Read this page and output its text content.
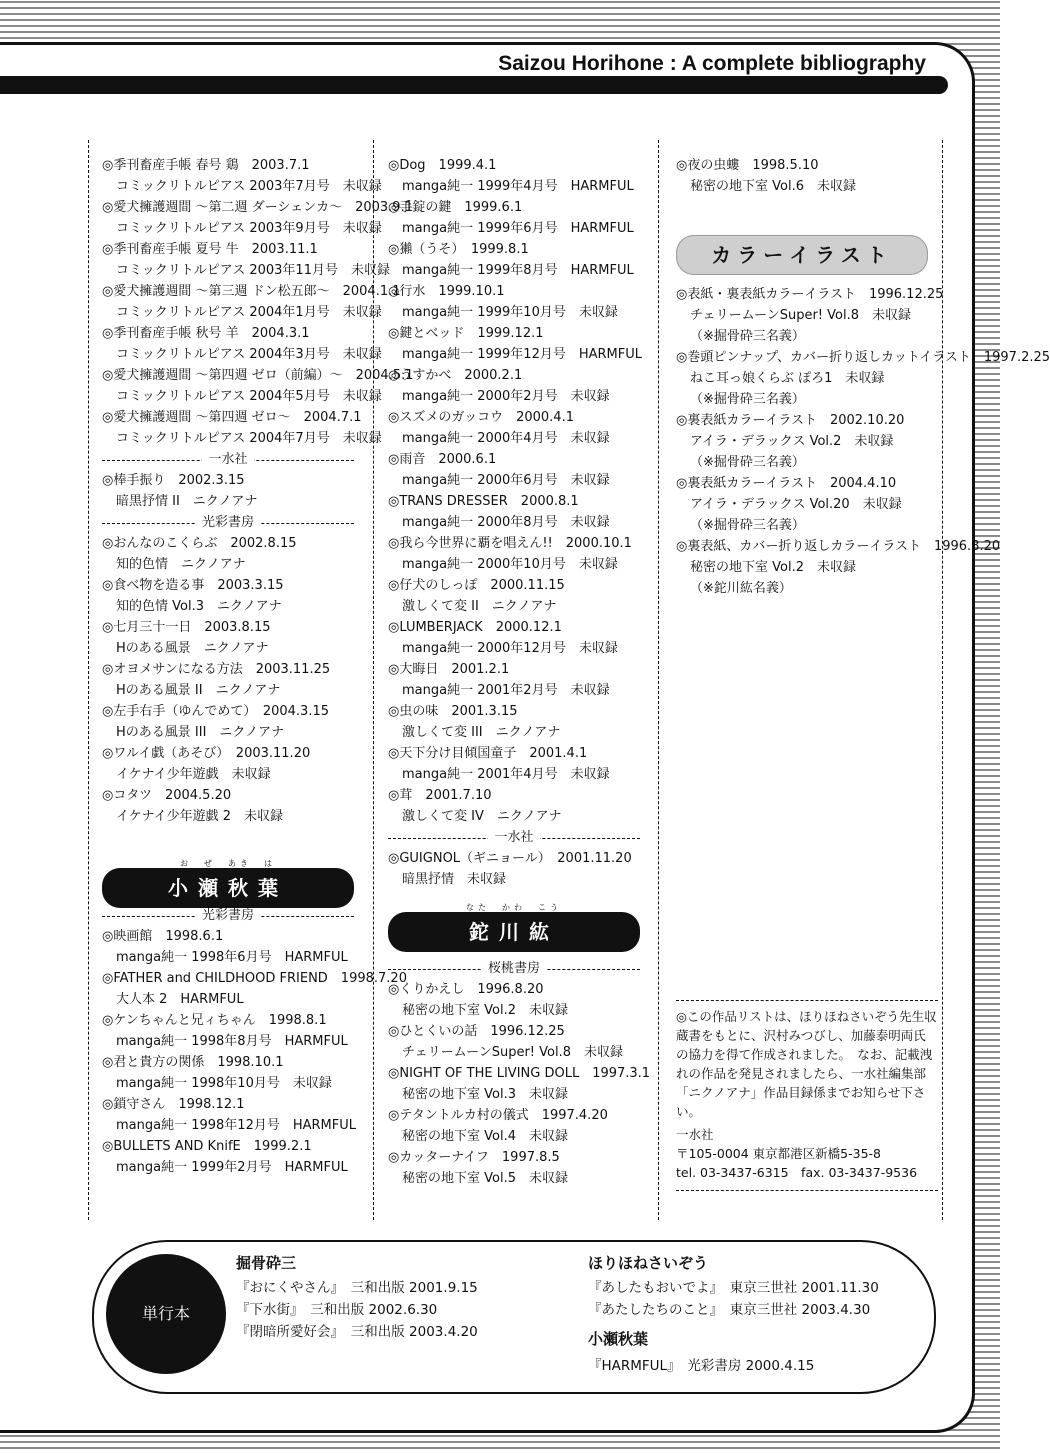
Saizou Horihone : A complete bibliography
◎季刊畜産手帳 春号 鶏　2003.7.1
コミックリトルピアス 2003年7月号　未収録
◎愛犬擁護週間 〜第二週 ダーシェンカ〜　2003.9.1
コミックリトルピアス 2003年9月号　未収録
◎季刊畜産手帳 夏号 牛　2003.11.1
コミックリトルピアス 2003年11月号　未収録
◎愛犬擁護週間 〜第三週 ドン松五郎〜　2004.1.1
コミックリトルピアス 2004年1月号　未収録
◎季刊畜産手帳 秋号 羊　2004.3.1
コミックリトルピアス 2004年3月号　未収録
◎愛犬擁護週間 〜第四週 ゼロ（前編）〜　2004.5.1
コミックリトルピアス 2004年5月号　未収録
◎愛犬擁護週間 〜第四週 ゼロ〜　2004.7.1
コミックリトルピアス 2004年7月号　未収録
一水社
◎棒手振り　2002.3.15
暗黒抒情 II　ニクノアナ
光彩書房
◎おんなのこくらぶ　2002.8.15
知的色情　ニクノアナ
◎食べ物を造る事　2003.3.15
知的色情 Vol.3　ニクノアナ
◎七月三十一日　2003.8.15
Hのある風景　ニクノアナ
◎オヨメサンになる方法　2003.11.25
Hのある風景 II　ニクノアナ
◎左手右手（ゆんでめて）　2004.3.15
Hのある風景 III　ニクノアナ
◎ワルイ戯（あそび）　2003.11.20
イケナイ少年遊戯　未収録
◎コタツ　2004.5.20
イケナイ少年遊戯 2　未収録
お　ぜ　あき　は
小瀬秋葉
光彩書房
◎映画館　1998.6.1
manga純一 1998年6月号　HARMFUL
◎FATHER and CHILDHOOD FRIEND　1998.7.20
大人本 2　HARMFUL
◎ケンちゃんと兄ィちゃん　1998.8.1
manga純一 1998年8月号　HARMFUL
◎君と貴方の関係　1998.10.1
manga純一 1998年10月号　未収録
◎鎖守さん　1998.12.1
manga純一 1998年12月号　HARMFUL
◎BULLETS AND KnifE　1999.2.1
manga純一 1999年2月号　HARMFUL
◎Dog　1999.4.1
manga純一 1999年4月号　HARMFUL
◎手錠の鍵　1999.6.1
manga純一 1999年6月号　HARMFUL
◎獺（うそ）　1999.8.1
manga純一 1999年8月号　HARMFUL
◎行水　1999.10.1
manga純一 1999年10月号　未収録
◎鍵とベッド　1999.12.1
manga純一 1999年12月号　HARMFUL
◎うすかべ　2000.2.1
manga純一 2000年2月号　未収録
◎スズメのガッコウ　2000.4.1
manga純一 2000年4月号　未収録
◎雨音　2000.6.1
manga純一 2000年6月号　未収録
◎TRANS DRESSER　2000.8.1
manga純一 2000年8月号　未収録
◎我ら今世界に覇を唱えん!!　2000.10.1
manga純一 2000年10月号　未収録
◎仔犬のしっぽ　2000.11.15
激しくて変 II　ニクノアナ
◎LUMBERJACK　2000.12.1
manga純一 2000年12月号　未収録
◎大晦日　2001.2.1
manga純一 2001年2月号　未収録
◎虫の味　2001.3.15
激しくて変 III　ニクノアナ
◎天下分け目傾国童子　2001.4.1
manga純一 2001年4月号　未収録
◎茸　2001.7.10
激しくて変 IV　ニクノアナ
一水社
◎GUIGNOL（ギニョール）　2001.11.20
暗黒抒情　未収録
なた　かわ　こう
鉈川紘
桜桃書房
◎くりかえし　1996.8.20
秘密の地下室 Vol.2　未収録
◎ひとくいの話　1996.12.25
チェリームーンSuper! Vol.8　未収録
◎NIGHT OF THE LIVING DOLL　1997.3.1
秘密の地下室 Vol.3　未収録
◎テタントルカ村の儀式　1997.4.20
秘密の地下室 Vol.4　未収録
◎カッターナイフ　1997.8.5
秘密の地下室 Vol.5　未収録
◎夜の虫螻　1998.5.10
秘密の地下室 Vol.6　未収録
カラーイラスト
◎表紙・裏表紙カラーイラスト　1996.12.25
チェリームーンSuper! Vol.8　未収録
（※掘骨砕三名義）
◎巻頭ピンナップ、カバー折り返しカットイラスト　1997.2.25
ねこ耳っ娘くらぶ ぽろ1　未収録
（※掘骨砕三名義）
◎裏表紙カラーイラスト　2002.10.20
アイラ・デラックス Vol.2　未収録
（※掘骨砕三名義）
◎裏表紙カラーイラスト　2004.4.10
アイラ・デラックス Vol.20　未収録
（※掘骨砕三名義）
◎裏表紙、カバー折り返しカラーイラスト　1996.8.20
秘密の地下室 Vol.2　未収録
（※鉈川紘名義）
◎この作品リストは、ほりほねさいぞう先生収蔵書をもとに、沢村みつびし、加藤泰明両氏の協力を得て作成されました。　なお、記載洩れの作品を発見されましたら、一水社編集部「ニクノアナ」作品目録係までお知らせ下さい。
一水社
〒105-0004 東京都港区新橋5-35-8
tel. 03-3437-6315　fax. 03-3437-9536
単行本
掘骨砕三
『おにくやさん』　三和出版 2001.9.15
『下水街』　三和出版 2002.6.30
『閉暗所愛好会』　三和出版 2003.4.20
ほりほねさいぞう
『あしたもおいでよ』　東京三世社 2001.11.30
『あたしたちのこと』　東京三世社 2003.4.30
小瀬秋葉
『HARMFUL』　光彩書房 2000.4.15
